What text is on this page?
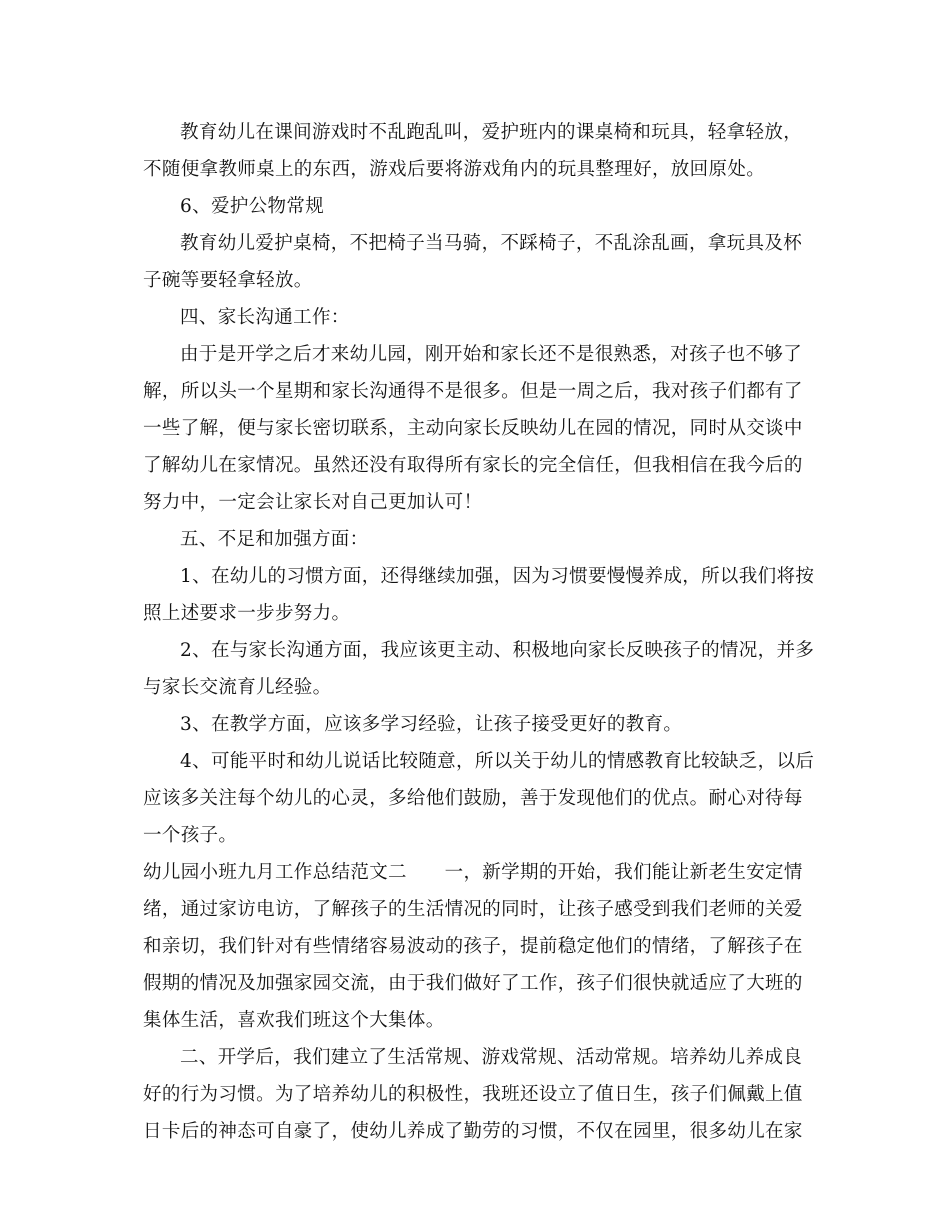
教育幼儿在课间游戏时不乱跑乱叫，爱护班内的课桌椅和玩具，轻拿轻放，
不随便拿教师桌上的东西，游戏后要将游戏角内的玩具整理好，放回原处。
6、爱护公物常规
教育幼儿爱护桌椅，不把椅子当马骑，不踩椅子，不乱涂乱画，拿玩具及杯
子碗等要轻拿轻放。
四、家长沟通工作：
由于是开学之后才来幼儿园，刚开始和家长还不是很熟悉，对孩子也不够了
解，所以头一个星期和家长沟通得不是很多。但是一周之后，我对孩子们都有了
一些了解，便与家长密切联系，主动向家长反映幼儿在园的情况，同时从交谈中
了解幼儿在家情况。虽然还没有取得所有家长的完全信任，但我相信在我今后的
努力中，一定会让家长对自己更加认可！
五、不足和加强方面：
1、在幼儿的习惯方面，还得继续加强，因为习惯要慢慢养成，所以我们将按
照上述要求一步步努力。
2、在与家长沟通方面，我应该更主动、积极地向家长反映孩子的情况，并多
与家长交流育儿经验。
3、在教学方面，应该多学习经验，让孩子接受更好的教育。
4、可能平时和幼儿说话比较随意，所以关于幼儿的情感教育比较缺乏，以后
应该多关注每个幼儿的心灵，多给他们鼓励，善于发现他们的优点。耐心对待每
一个孩子。
幼儿园小班九月工作总结范文二　　一，新学期的开始，我们能让新老生安定情
绪，通过家访电访，了解孩子的生活情况的同时，让孩子感受到我们老师的关爱
和亲切，我们针对有些情绪容易波动的孩子，提前稳定他们的情绪，了解孩子在
假期的情况及加强家园交流，由于我们做好了工作，孩子们很快就适应了大班的
集体生活，喜欢我们班这个大集体。
二、开学后，我们建立了生活常规、游戏常规、活动常规。培养幼儿养成良
好的行为习惯。为了培养幼儿的积极性，我班还设立了值日生，孩子们佩戴上值
日卡后的神态可自豪了，使幼儿养成了勤劳的习惯，不仅在园里，很多幼儿在家
